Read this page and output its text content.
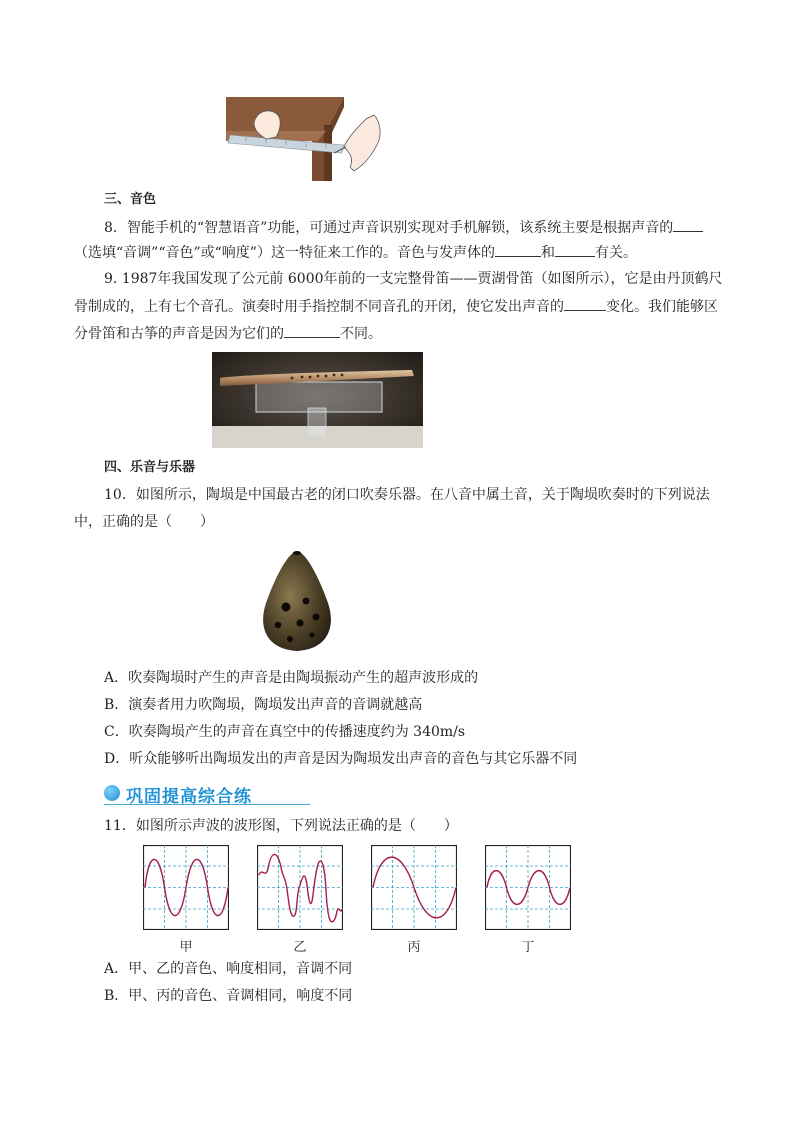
三、音色
8．智能手机的“智慧语音”功能，可通过声音识别实现对手机解锁，该系统主要是根据声音的
（选填“音调”“音色”或“响度”）这一特征来工作的。音色与发声体的	和	有关。
9. 1987年我国发现了公元前 6000年前的一支完整骨笛——贾湖骨笛（如图所示），它是由丹顶鹤尺
骨制成的，上有七个音孔。演奏时用手指控制不同音孔的开闭，使它发出声音的	变化。我们能够区
分骨笛和古筝的声音是因为它们的	不同。
四、乐音与乐器
10．如图所示，陶埙是中国最古老的闭口吹奏乐器。在八音中属土音，关于陶埙吹奏时的下列说法
中，正确的是（　　）
A．吹奏陶埙时产生的声音是由陶埙振动产生的超声波形成的
B．演奏者用力吹陶埙，陶埙发出声音的音调就越高
C．吹奏陶埙产生的声音在真空中的传播速度约为 340m/s
D．听众能够听出陶埙发出的声音是因为陶埙发出声音的音色与其它乐器不同
巩固提高综合练
11．如图所示声波的波形图，下列说法正确的是（　　）
甲	乙	丙	丁
A．甲、乙的音色、响度相同，音调不同
B．甲、丙的音色、音调相同，响度不同
